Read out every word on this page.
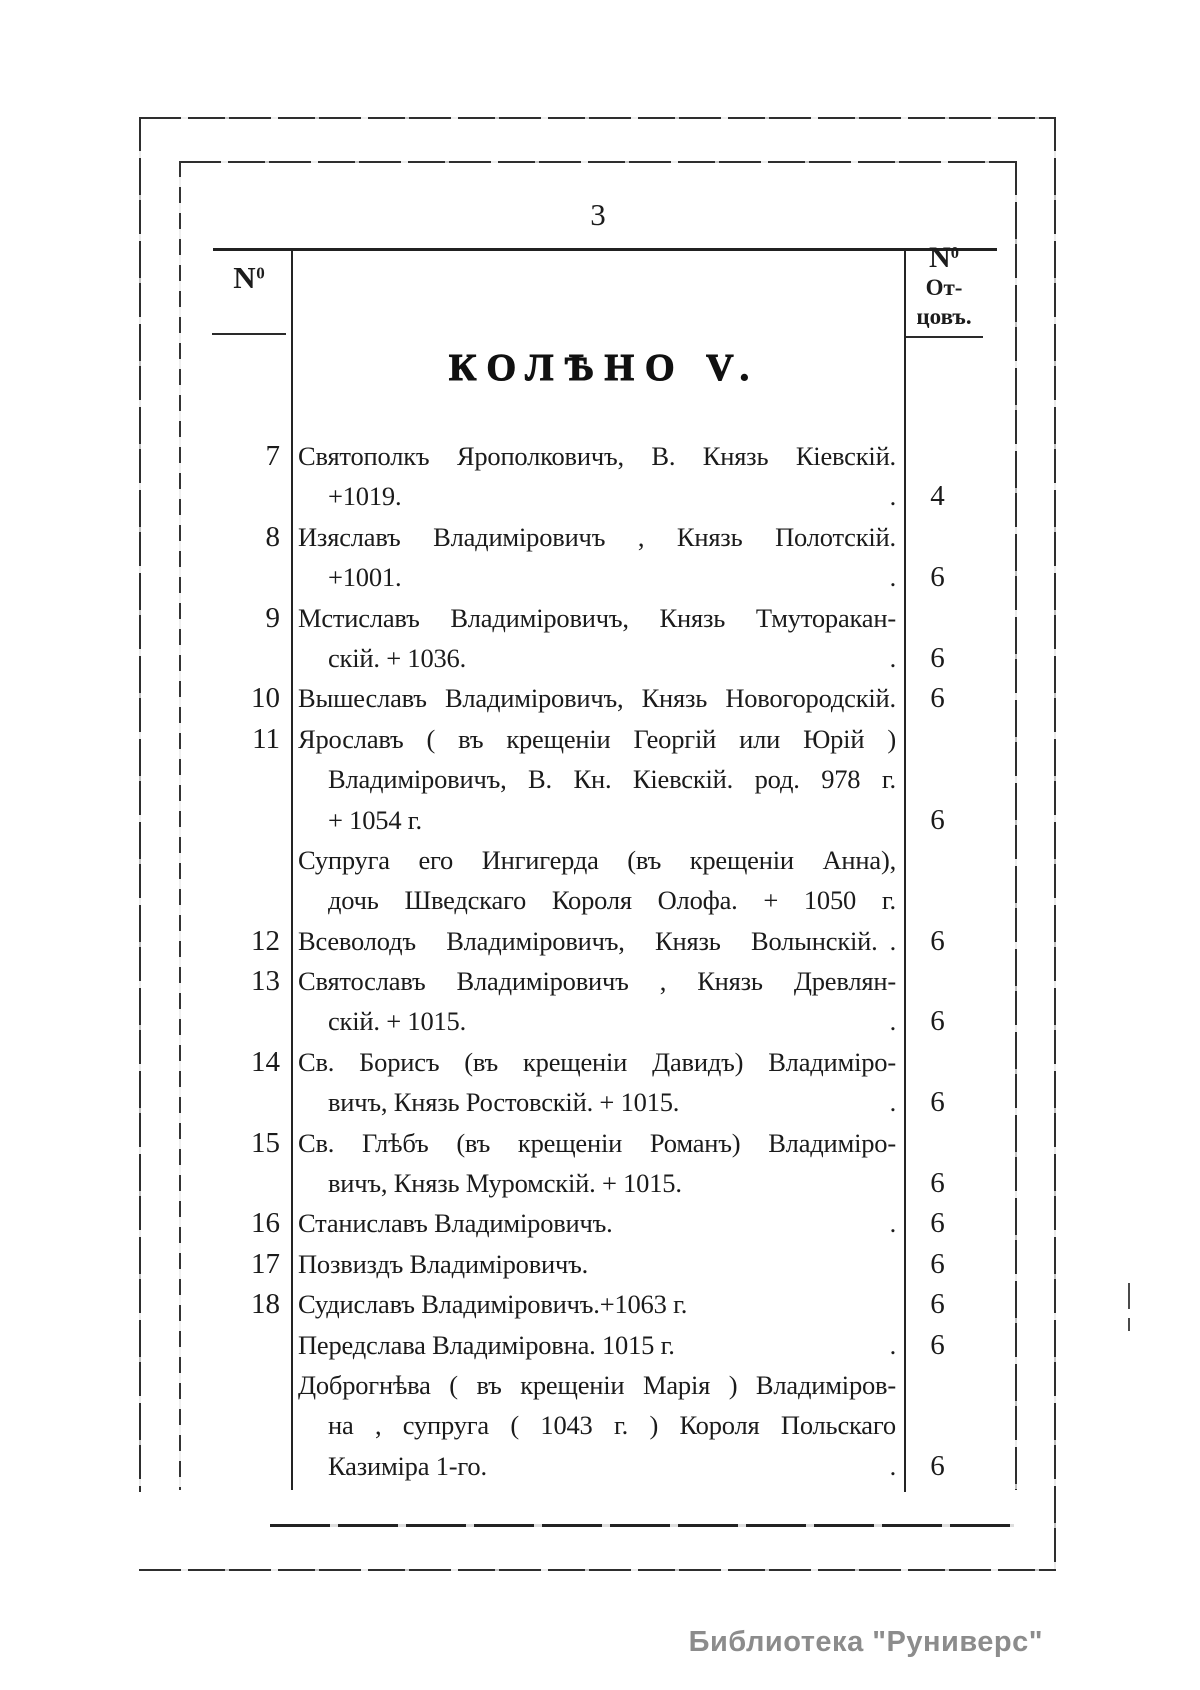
3
$N^0$	$N^0$
От-
цовъ.
КОЛѢНО V.
7 Святополкъ Ярополковичъ, В. Князь Кіевскій.
+1019.	.	4
8 Изяславъ Владиміровичъ , Князь Полотскій.
+1001.	.	6
9 Мстиславъ Владиміровичъ, Князь Тмуторакан-
скій. + 1036.	.	6
10 Вышеславъ Владиміровичъ, Князь Новогородскій.	6
11 Ярославъ ( въ крещеніи Георгій или Юрій )
Владиміровичъ, В. Кн. Кіевскій. род. 978 г.
+ 1054 г.	6
Супруга его Ингигерда (въ крещеніи Анна),
дочь Шведскаго Короля Олофа. + 1050 г.
12 Всеволодъ Владиміровичъ, Князь Волынскій. .	6
13 Святославъ Владиміровичъ , Князь Древлян-
скій. + 1015.	.	6
14 Св. Борисъ (въ крещеніи Давидъ) Владиміро-
вичъ, Князь Ростовскій. + 1015.	.	6
15 Св. Глѣбъ (въ крещеніи Романъ) Владиміро-
вичъ, Князь Муромскій. + 1015.	6
16 Станиславъ Владиміровичъ.	.	6
17 Позвиздъ Владиміровичъ.	6
18 Судиславъ Владиміровичъ.+1063 г.	6
Передслава Владиміровна. 1015 г.	.	6
Доброгнѣва ( въ крещеніи Марія ) Владиміров-
на , супруга ( 1043 г. ) Короля Польскаго
Казиміра 1-го.	.	6
Библиотека "Руниверс"
